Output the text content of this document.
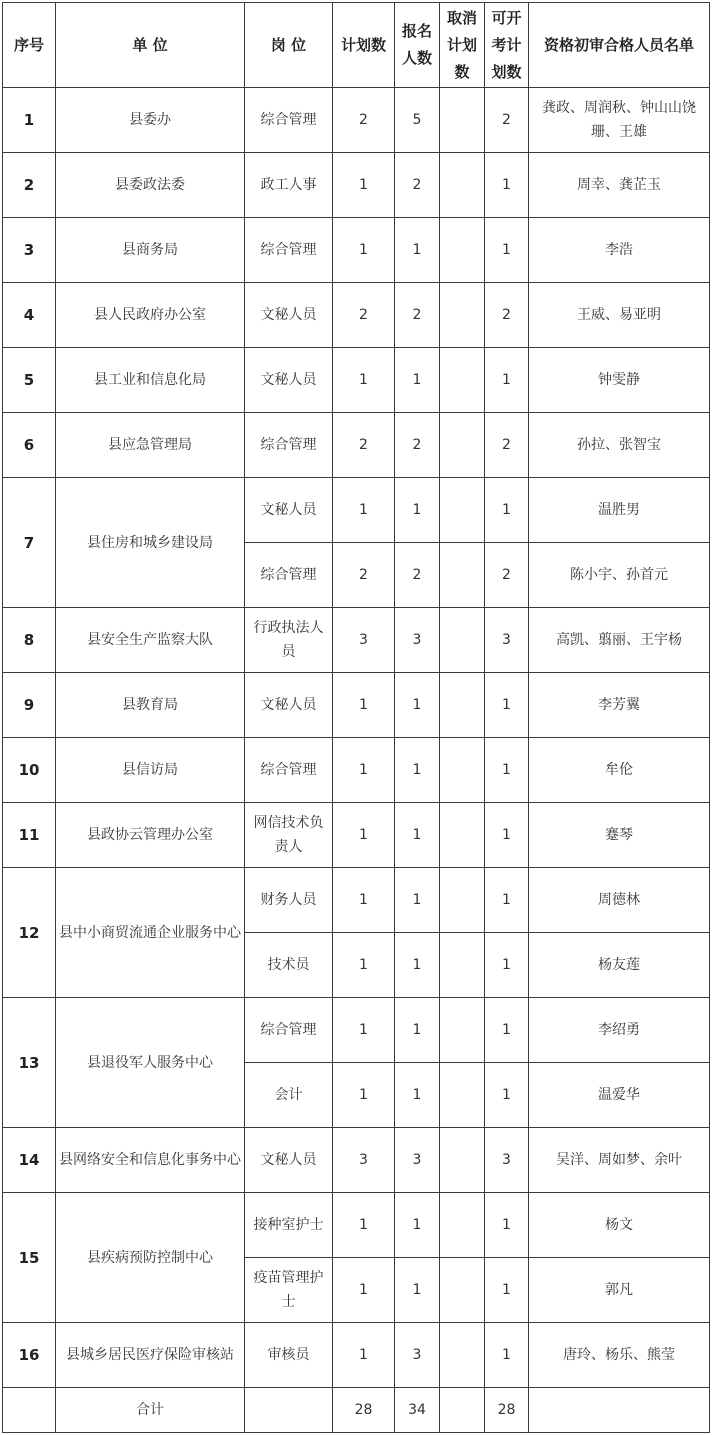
序号	单 位	岗 位	计划数	报名人数	取消计划数	可开考计划数	资格初审合格人员名单
1	县委办	综合管理	2	5		2	龚政、周润秋、钟山山饶珊、王雄
2	县委政法委	政工人事	1	2		1	周幸、龚芷玉
3	县商务局	综合管理	1	1		1	李浩
4	县人民政府办公室	文秘人员	2	2		2	王威、易亚明
5	县工业和信息化局	文秘人员	1	1		1	钟雯静
6	县应急管理局	综合管理	2	2		2	孙拉、张智宝
7	县住房和城乡建设局	文秘人员	1	1		1	温胜男
		综合管理	2	2		2	陈小宇、孙首元
8	县安全生产监察大队	行政执法人员	3	3		3	高凯、翦丽、王宇杨
9	县教育局	文秘人员	1	1		1	李芳翼
10	县信访局	综合管理	1	1		1	牟伦
11	县政协云管理办公室	网信技术负责人	1	1		1	蹇琴
12	县中小商贸流通企业服务中心	财务人员	1	1		1	周德林
		技术员	1	1		1	杨友莲
13	县退役军人服务中心	综合管理	1	1		1	李绍勇
		会计	1	1		1	温爱华
14	县网络安全和信息化事务中心	文秘人员	3	3		3	吴洋、周如梦、余叶
15	县疾病预防控制中心	接种室护士	1	1		1	杨文
		疫苗管理护士	1	1		1	郭凡
16	县城乡居民医疗保险审核站	审核员	1	3		1	唐玲、杨乐、熊莹
	合计		28	34		28	
